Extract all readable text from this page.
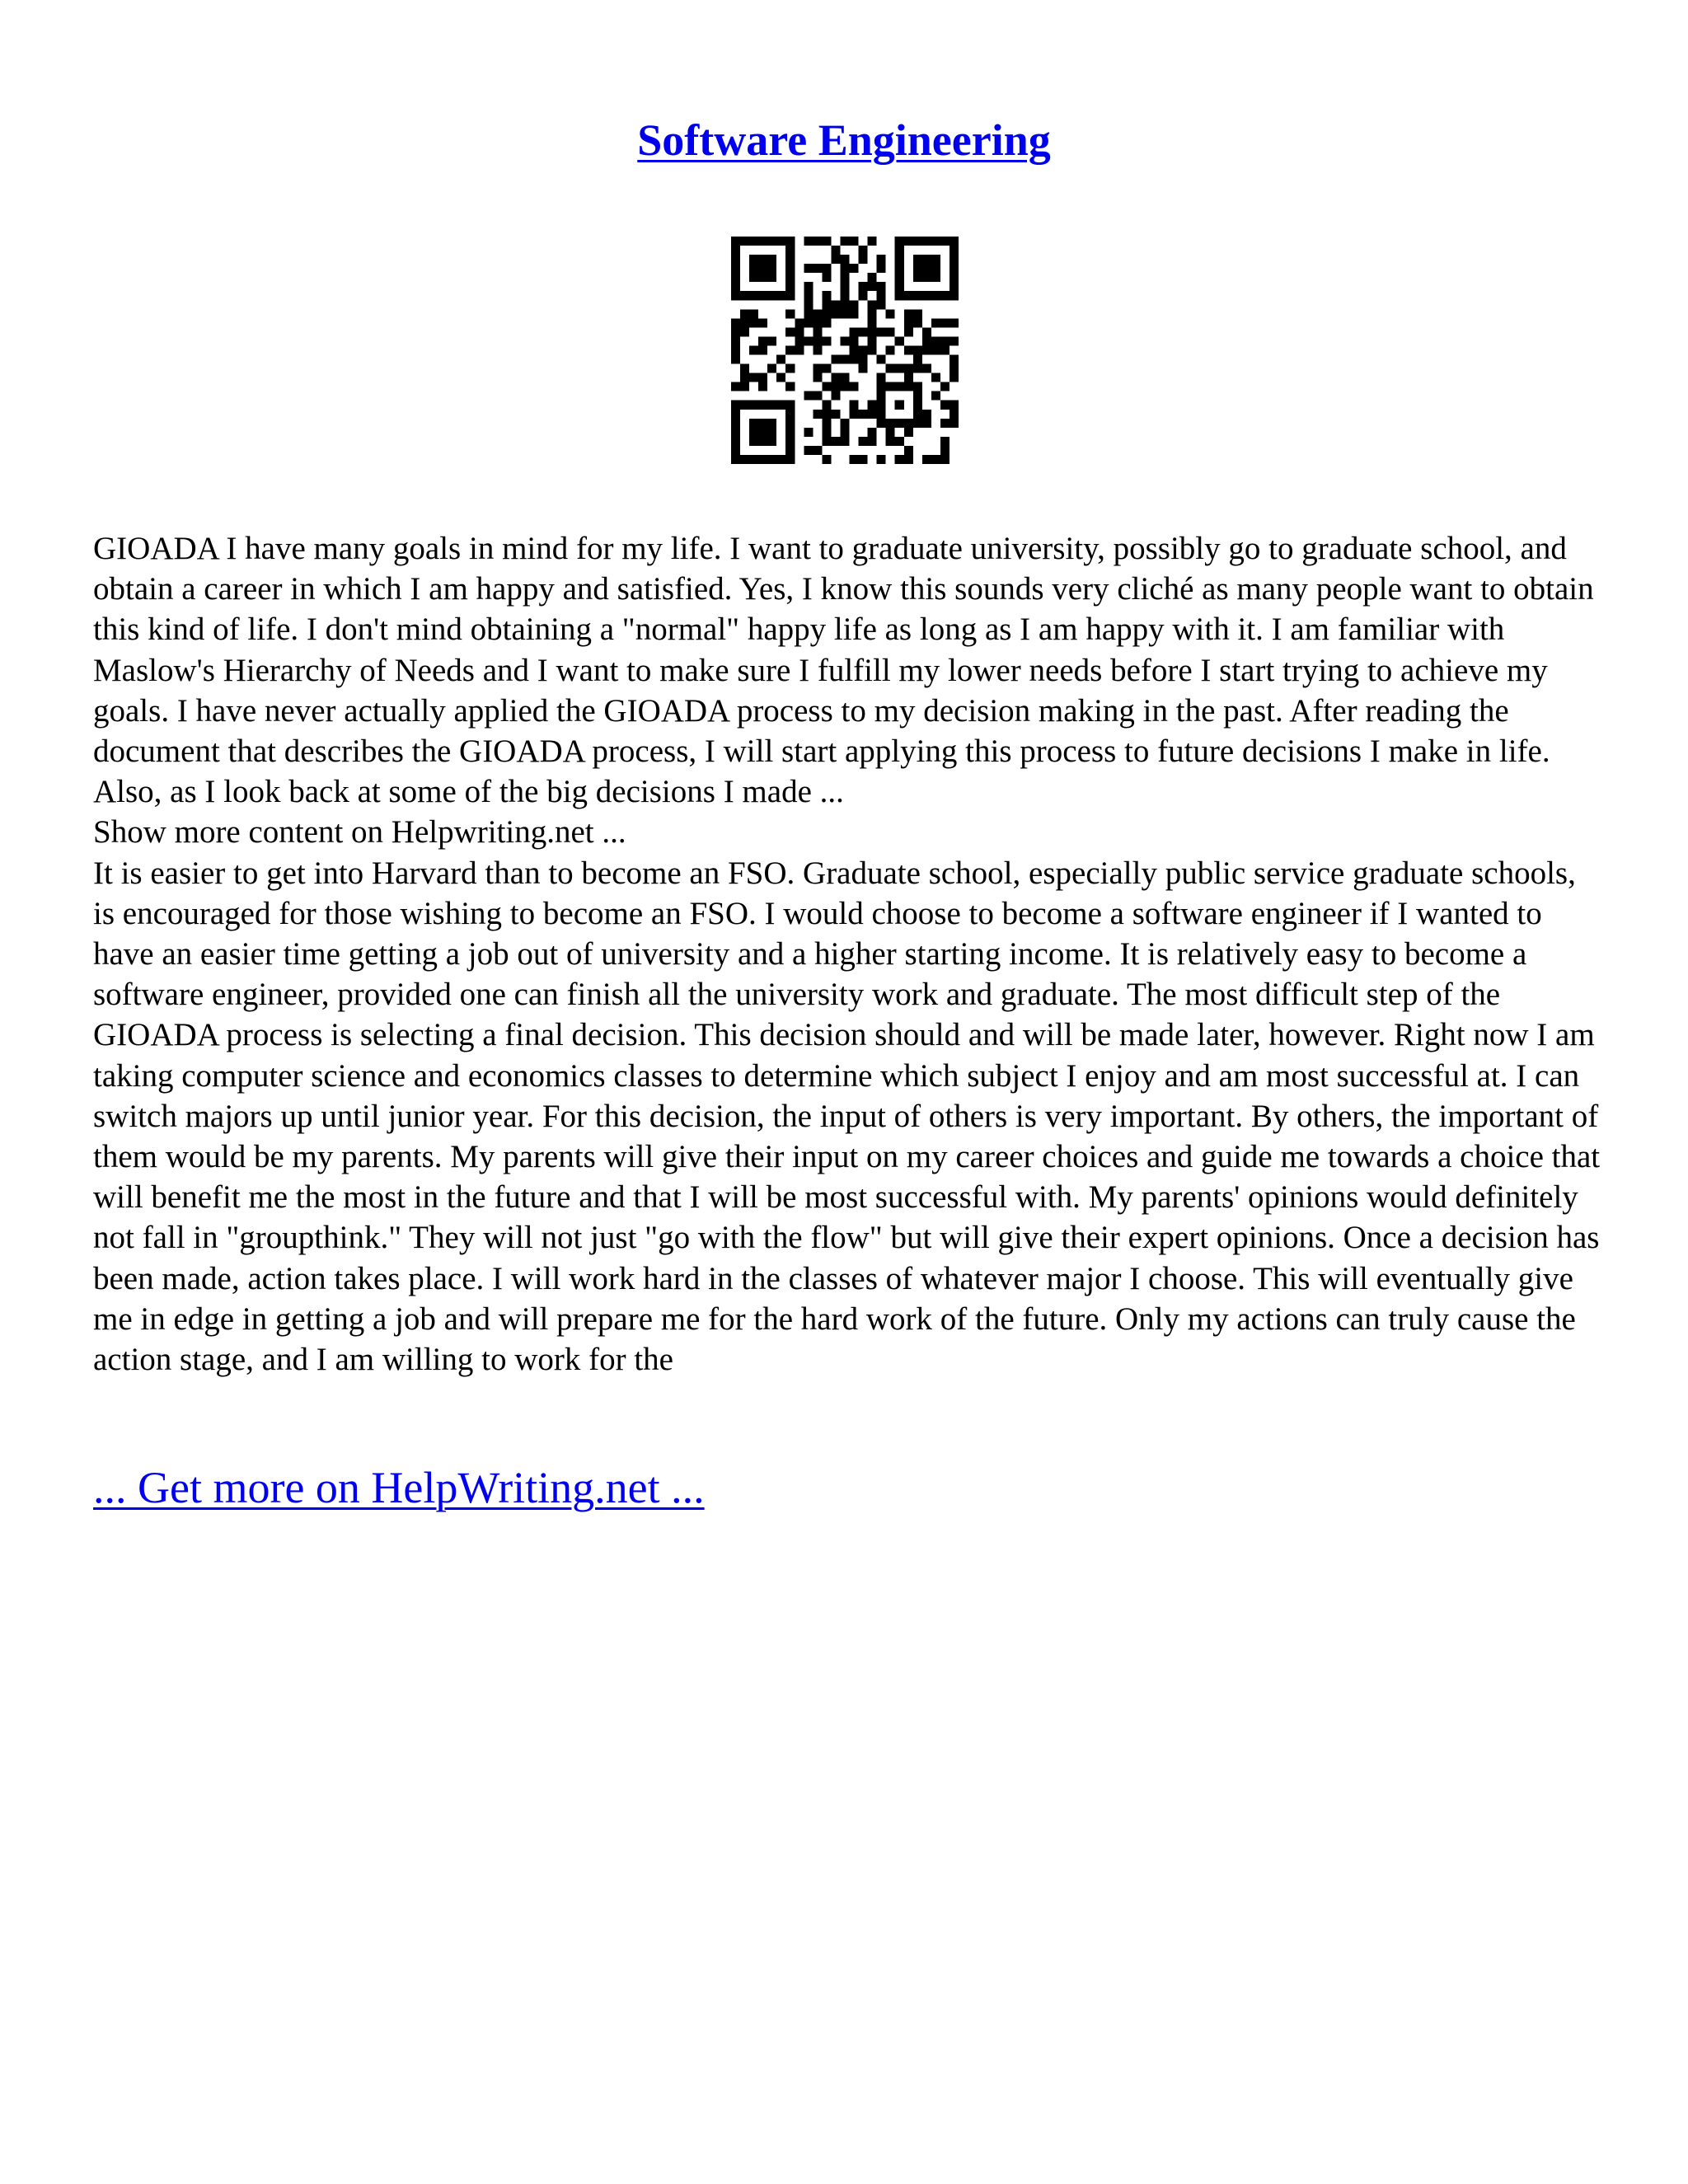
Software Engineering

GIOADA I have many goals in mind for my life. I want to graduate university, possibly go to graduate school, and obtain a career in which I am happy and satisfied. Yes, I know this sounds very cliché as many people want to obtain this kind of life. I don't mind obtaining a "normal" happy life as long as I am happy with it. I am familiar with Maslow's Hierarchy of Needs and I want to make sure I fulfill my lower needs before I start trying to achieve my goals. I have never actually applied the GIOADA process to my decision making in the past. After reading the document that describes the GIOADA process, I will start applying this process to future decisions I make in life. Also, as I look back at some of the big decisions I made ...

Show more content on Helpwriting.net ...

It is easier to get into Harvard than to become an FSO. Graduate school, especially public service graduate schools, is encouraged for those wishing to become an FSO. I would choose to become a software engineer if I wanted to have an easier time getting a job out of university and a higher starting income. It is relatively easy to become a software engineer, provided one can finish all the university work and graduate. The most difficult step of the GIOADA process is selecting a final decision. This decision should and will be made later, however. Right now I am taking computer science and economics classes to determine which subject I enjoy and am most successful at. I can switch majors up until junior year. For this decision, the input of others is very important. By others, the important of them would be my parents. My parents will give their input on my career choices and guide me towards a choice that will benefit me the most in the future and that I will be most successful with. My parents' opinions would definitely not fall in "groupthink." They will not just "go with the flow" but will give their expert opinions. Once a decision has been made, action takes place. I will work hard in the classes of whatever major I choose. This will eventually give me in edge in getting a job and will prepare me for the hard work of the future. Only my actions can truly cause the action stage, and I am willing to work for the

... Get more on HelpWriting.net ...
